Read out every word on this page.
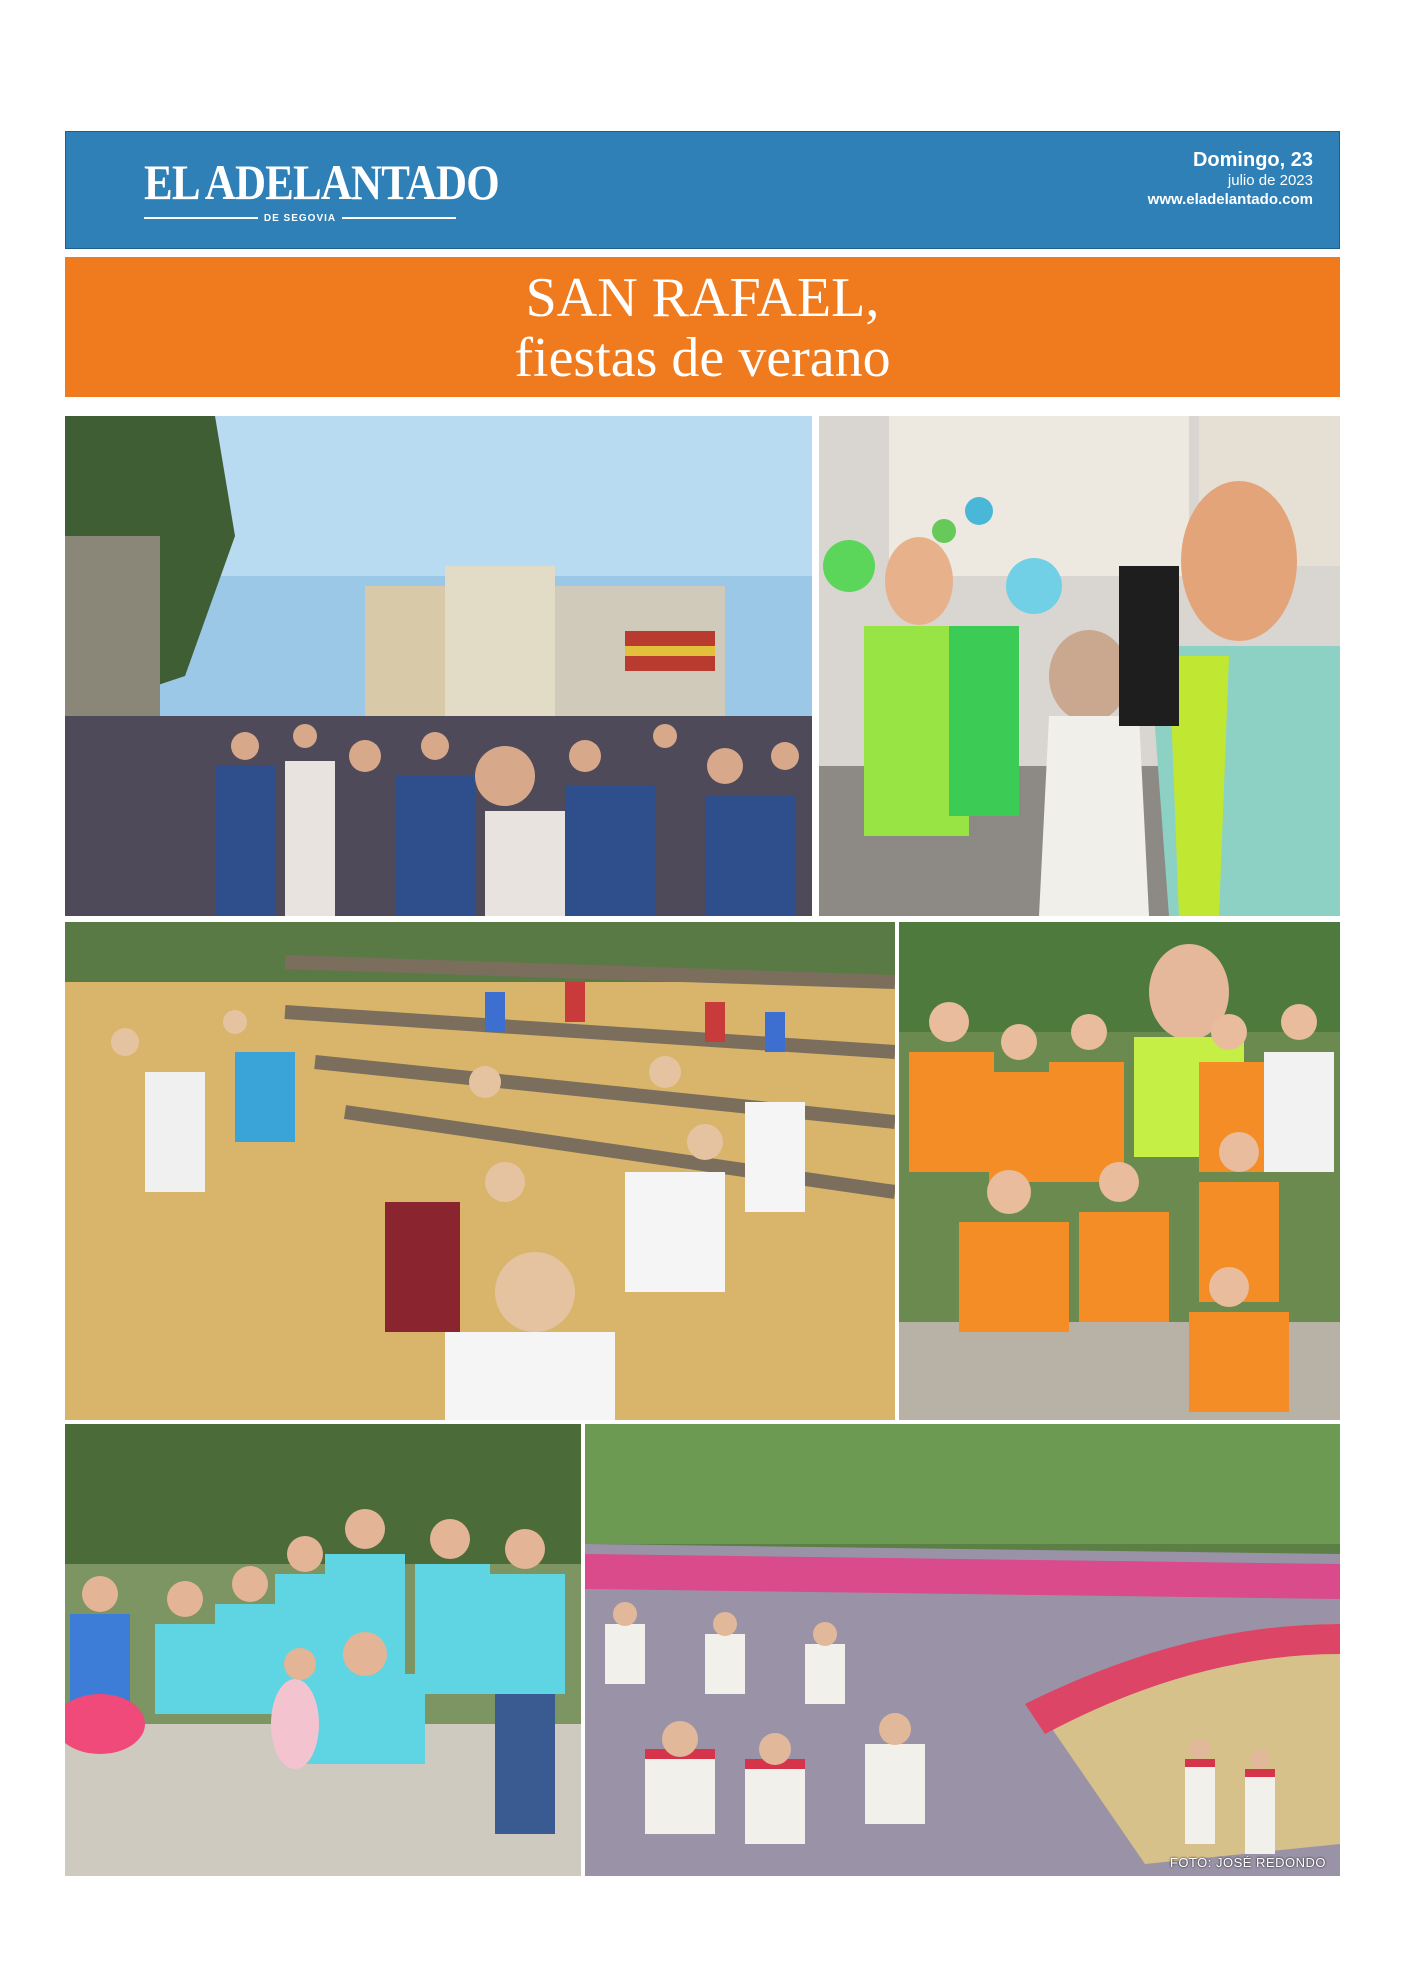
EL ADELANTADO
DE SEGOVIA
Domingo, 23
julio de 2023
www.eladelantado.com
SAN RAFAEL,
fiestas de verano
FOTO: JOSÉ REDONDO
